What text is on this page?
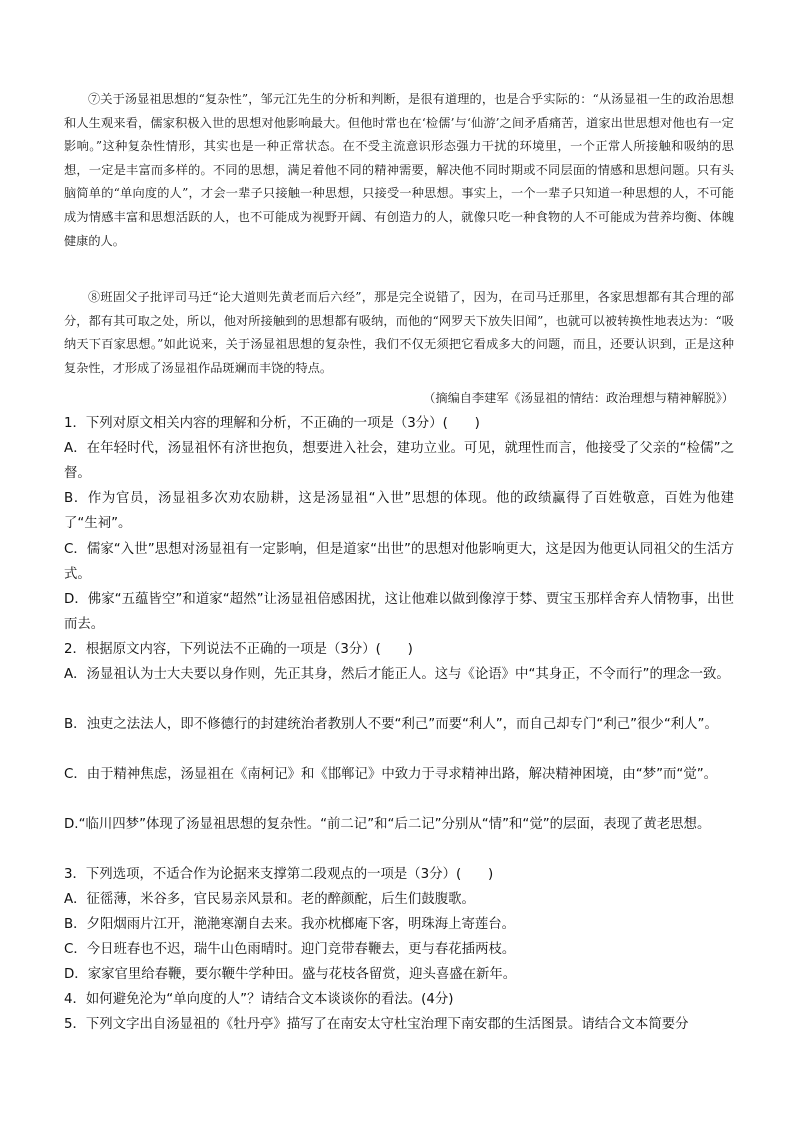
⑦关于汤显祖思想的“复杂性”，邹元江先生的分析和判断，是很有道理的，也是合乎实际的：“从汤显祖一生的政治思想和人生观来看，儒家积极入世的思想对他影响最大。但他时常也在‘检儒’与‘仙游’之间矛盾痛苦，道家出世思想对他也有一定影响。”这种复杂性情形，其实也是一种正常状态。在不受主流意识形态强力干扰的环境里，一个正常人所接触和吸纳的思想，一定是丰富而多样的。不同的思想，满足着他不同的精神需要，解决他不同时期或不同层面的情感和思想问题。只有头脑简单的“单向度的人”，才会一辈子只接触一种思想，只接受一种思想。事实上，一个一辈子只知道一种思想的人，不可能成为情感丰富和思想活跃的人，也不可能成为视野开阔、有创造力的人，就像只吃一种食物的人不可能成为营养均衡、体魄健康的人。

⑧班固父子批评司马迁“论大道则先黄老而后六经”，那是完全说错了，因为，在司马迁那里，各家思想都有其合理的部分，都有其可取之处，所以，他对所接触到的思想都有吸纳，而他的“网罗天下放失旧闻”，也就可以被转换性地表达为：“吸纳天下百家思想。”如此说来，关于汤显祖思想的复杂性，我们不仅无须把它看成多大的问题，而且，还要认识到，正是这种复杂性，才形成了汤显祖作品斑斓而丰饶的特点。

（摘编自李建军《汤显祖的情结：政治理想与精神解脱》）

1．下列对原文相关内容的理解和分析，不正确的一项是（3分）(　　)

A．在年轻时代，汤显祖怀有济世抱负，想要进入社会，建功立业。可见，就理性而言，他接受了父亲的“检儒”之督。

B．作为官员，汤显祖多次劝农励耕，这是汤显祖“入世”思想的体现。他的政绩赢得了百姓敬意，百姓为他建了“生祠”。

C．儒家“入世”思想对汤显祖有一定影响，但是道家“出世”的思想对他影响更大，这是因为他更认同祖父的生活方式。

D．佛家“五蕴皆空”和道家“超然”让汤显祖倍感困扰，这让他难以做到像淳于棼、贾宝玉那样舍弃人情物事，出世而去。

2．根据原文内容，下列说法不正确的一项是（3分）(　　)

A．汤显祖认为士大夫要以身作则，先正其身，然后才能正人。这与《论语》中“其身正，不令而行”的理念一致。

B．浊吏之法法人，即不修德行的封建统治者教别人不要“利己”而要“利人”，而自己却专门“利己”很少“利人”。

C．由于精神焦虑，汤显祖在《南柯记》和《邯郸记》中致力于寻求精神出路，解决精神困境，由“梦”而“觉”。

D.“临川四梦”体现了汤显祖思想的复杂性。“前二记”和“后二记”分别从“情”和“觉”的层面，表现了黄老思想。

3．下列选项，不适合作为论据来支撑第二段观点的一项是（3分）(　　)

A．征徭薄，米谷多，官民易亲风景和。老的醉颜酡，后生们鼓腹歌。

B．夕阳烟雨片江开，滟滟寒潮自去来。我亦枕榔庵下客，明珠海上寄莲台。

C．今日班春也不迟，瑞牛山色雨晴时。迎门竞带春鞭去，更与春花插两枝。

D．家家官里给春鞭，要尔鞭牛学种田。盛与花枝各留赏，迎头喜盛在新年。

4．如何避免沦为“单向度的人”？请结合文本谈谈你的看法。(4分)

5．下列文字出自汤显祖的《牡丹亭》描写了在南安太守杜宝治理下南安郡的生活图景。请结合文本简要分
